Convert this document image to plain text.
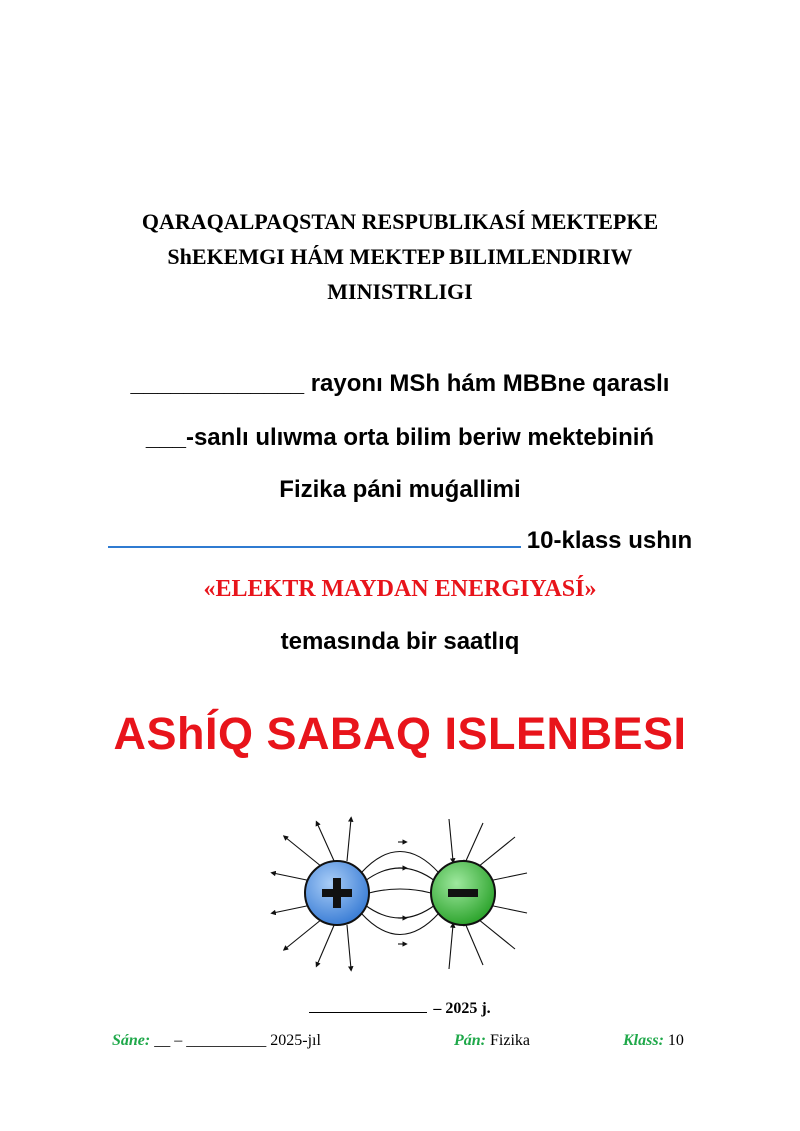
QARAQALPAQSTAN RESPUBLIKASÍ MEKTEPKE
ShEKEMGI HÁM MEKTEP BILIMLENDIRIW
MINISTRLIGI
_____________ rayonı MSh hám MBBne qaraslı
___-sanlı ulıwma orta bilim beriw mektebiniń
Fizika páni muǵallimi
10-klass ushın
«ELEKTR MAYDAN ENERGIYASÍ»
temasında bir saatlıq
AShÍQ SABAQ ISLENBESI
– 2025 j.
Sáne: __ – __________ 2025-jıl	Pán: Fizika	Klass: 10
